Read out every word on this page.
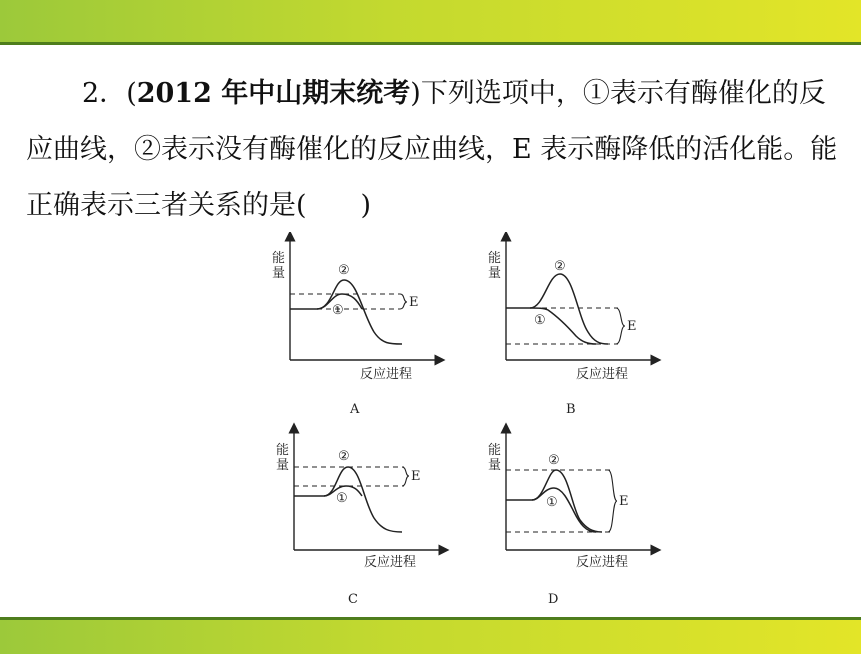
2．(2012 年中山期末统考)下列选项中，①表示有酶催化的反应曲线，②表示没有酶催化的反应曲线，E 表示酶降低的活化能。能正确表示三者关系的是(　　)
能
量
反应进程
②
①
E
A
能
量
反应进程
②
①	E
B
能
量
反应进程
②
①
E
C
能
量
反应进程
②
①	E
D
